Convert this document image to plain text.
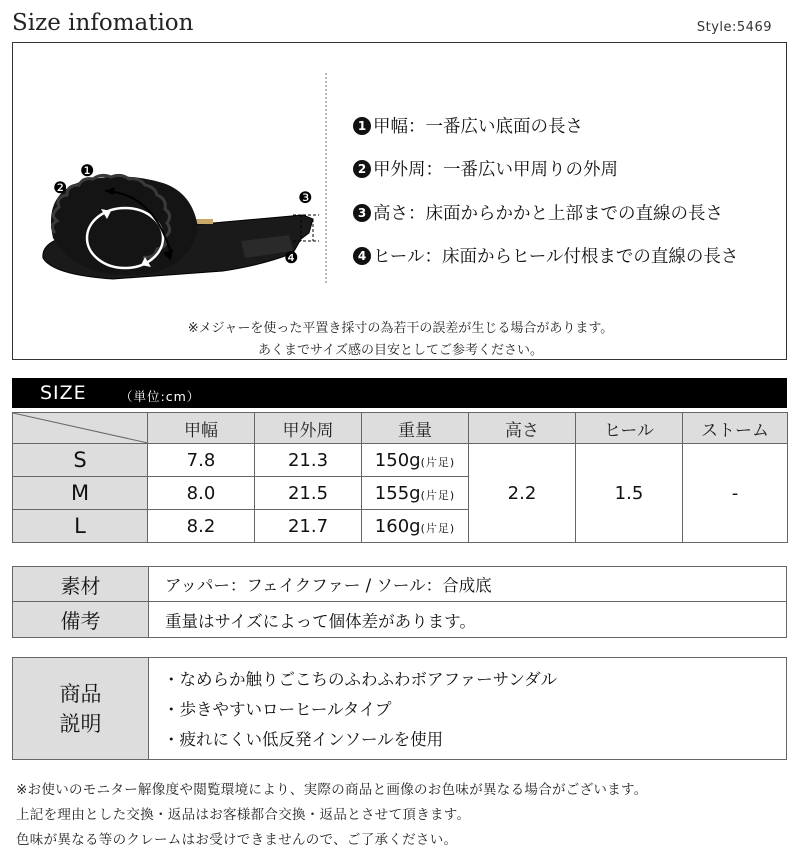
Size infomation	Style:5469
❶
❷
❸
❹
1 甲幅：一番広い底面の長さ
2 甲外周：一番広い甲周りの外周
3 高さ：床面からかかと上部までの直線の長さ
4 ヒール：床面からヒール付根までの直線の長さ
※メジャーを使った平置き採寸の為若干の誤差が生じる場合があります。
あくまでサイズ感の目安としてご参考ください。
SIZE	（単位:cm）
	甲幅	甲外周	重量	高さ	ヒール	ストーム
S	7.8	21.3	150g(片足)	2.2	1.5	-
M	8.0	21.5	155g(片足)			
L	8.2	21.7	160g(片足)			
素材	アッパー：フェイクファー / ソール：合成底
備考	重量はサイズによって個体差があります。
商品
説明
・なめらか触りごこちのふわふわボアファーサンダル
・歩きやすいローヒールタイプ
・疲れにくい低反発インソールを使用
※お使いのモニター解像度や閲覧環境により、実際の商品と画像のお色味が異なる場合がございます。
上記を理由とした交換・返品はお客様都合交換・返品とさせて頂きます。
色味が異なる等のクレームはお受けできませんので、ご了承ください。
